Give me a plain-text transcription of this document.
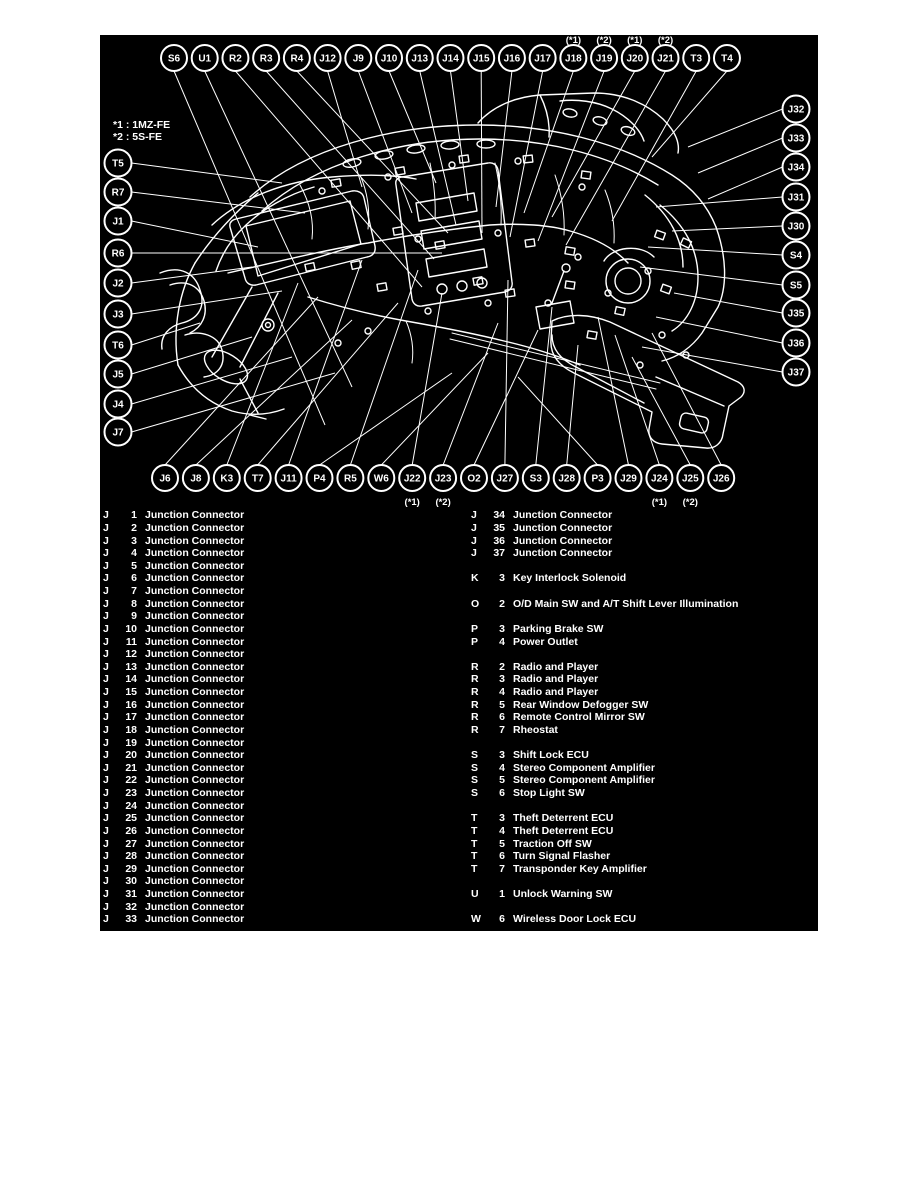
S6 U1 R2 R3 R4 J12 J9 J10 J13 J14 J15 J16 J17 J18
(*1)
J19
(*2)
J20
(*1)
J21
(*2)
T3 T4
J6 J8 K3 T7 J11 P4 R5 W6 J22
(*1)
J23
(*2)
O2 J27 S3 J28 P3 J29 J24
(*1)
J25
(*2)
J26
T5
R7
J1
R6
J2
J3
T6
J5
J4
J7
J32
J33
J34
J31
J30
S4
S5
J35
J36
J37
*1 : 1MZ-FE
*2 : 5S-FE
J	1 Junction Connector
J	2 Junction Connector
J	3 Junction Connector
J	4 Junction Connector
J	5 Junction Connector
J	6 Junction Connector
J	7 Junction Connector
J	8 Junction Connector
J	9 Junction Connector
J	10 Junction Connector
J	11 Junction Connector
J	12 Junction Connector
J	13 Junction Connector
J	14 Junction Connector
J	15 Junction Connector
J	16 Junction Connector
J	17 Junction Connector
J	18 Junction Connector
J	19 Junction Connector
J	20 Junction Connector
J	21 Junction Connector
J	22 Junction Connector
J	23 Junction Connector
J	24 Junction Connector
J	25 Junction Connector
J	26 Junction Connector
J	27 Junction Connector
J	28 Junction Connector
J	29 Junction Connector
J	30 Junction Connector
J	31 Junction Connector
J	32 Junction Connector
J	33 Junction Connector
J	34 Junction Connector
J	35 Junction Connector
J	36 Junction Connector
J	37 Junction Connector
K	3 Key Interlock Solenoid
O	2 O/D Main SW and A/T Shift Lever Illumination
P	3 Parking Brake SW
P	4 Power Outlet
R	2 Radio and Player
R	3 Radio and Player
R	4 Radio and Player
R	5 Rear Window Defogger SW
R	6 Remote Control Mirror SW
R	7 Rheostat
S	3 Shift Lock ECU
S	4 Stereo Component Amplifier
S	5 Stereo Component Amplifier
S	6 Stop Light SW
T	3 Theft Deterrent ECU
T	4 Theft Deterrent ECU
T	5 Traction Off SW
T	6 Turn Signal Flasher
T	7 Transponder Key Amplifier
U	1 Unlock Warning SW
W	6 Wireless Door Lock ECU
